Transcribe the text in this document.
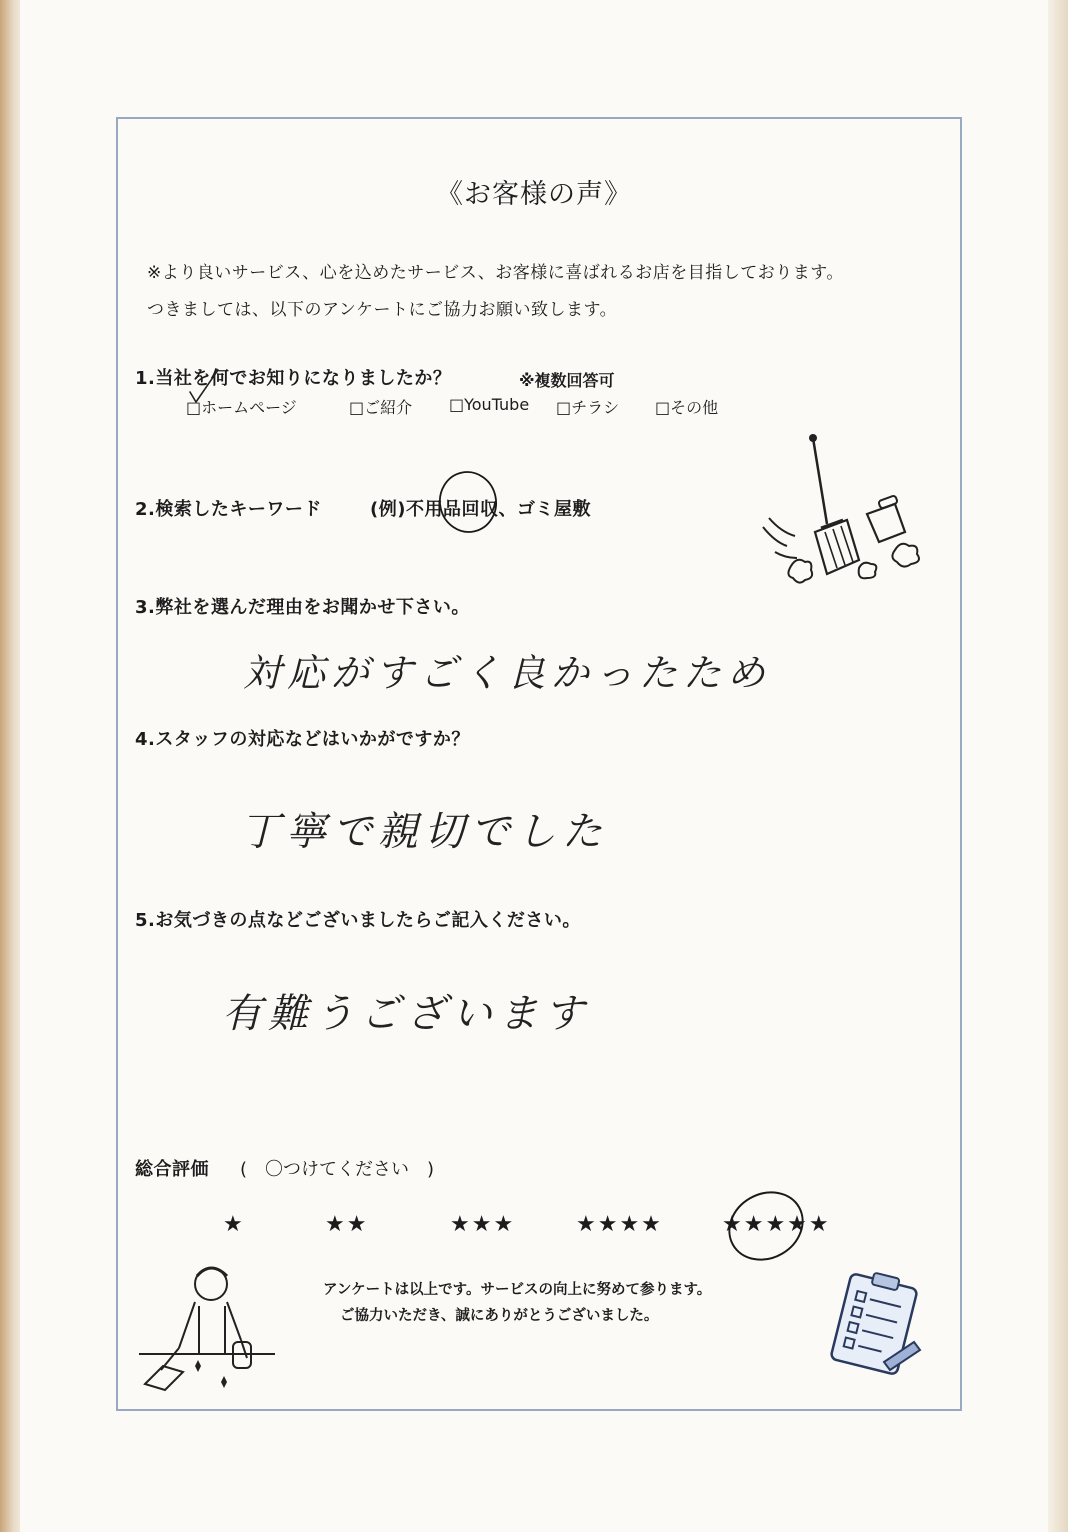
《お客様の声》
※より良いサービス、心を込めたサービス、お客様に喜ばれるお店を目指しております。
つきましては、以下のアンケートにご協力お願い致します。
1.当社を何でお知りになりましたか？	※複数回答可
□ホームページ	□ご紹介 □YouTube □チラシ □その他
2.検索したキーワード	(例)不用品回収、ゴミ屋敷
3.弊社を選んだ理由をお聞かせ下さい。
対応がすごく良かったため
4.スタッフの対応などはいかがですか？
丁寧で親切でした
5.お気づきの点などございましたらご記入ください。
有難うございます
総合評価 (　〇つけてください　)
★	★★	★★★	★★★★	★★★★★
アンケートは以上です。サービスの向上に努めて参ります。
ご協力いただき、誠にありがとうございました。
